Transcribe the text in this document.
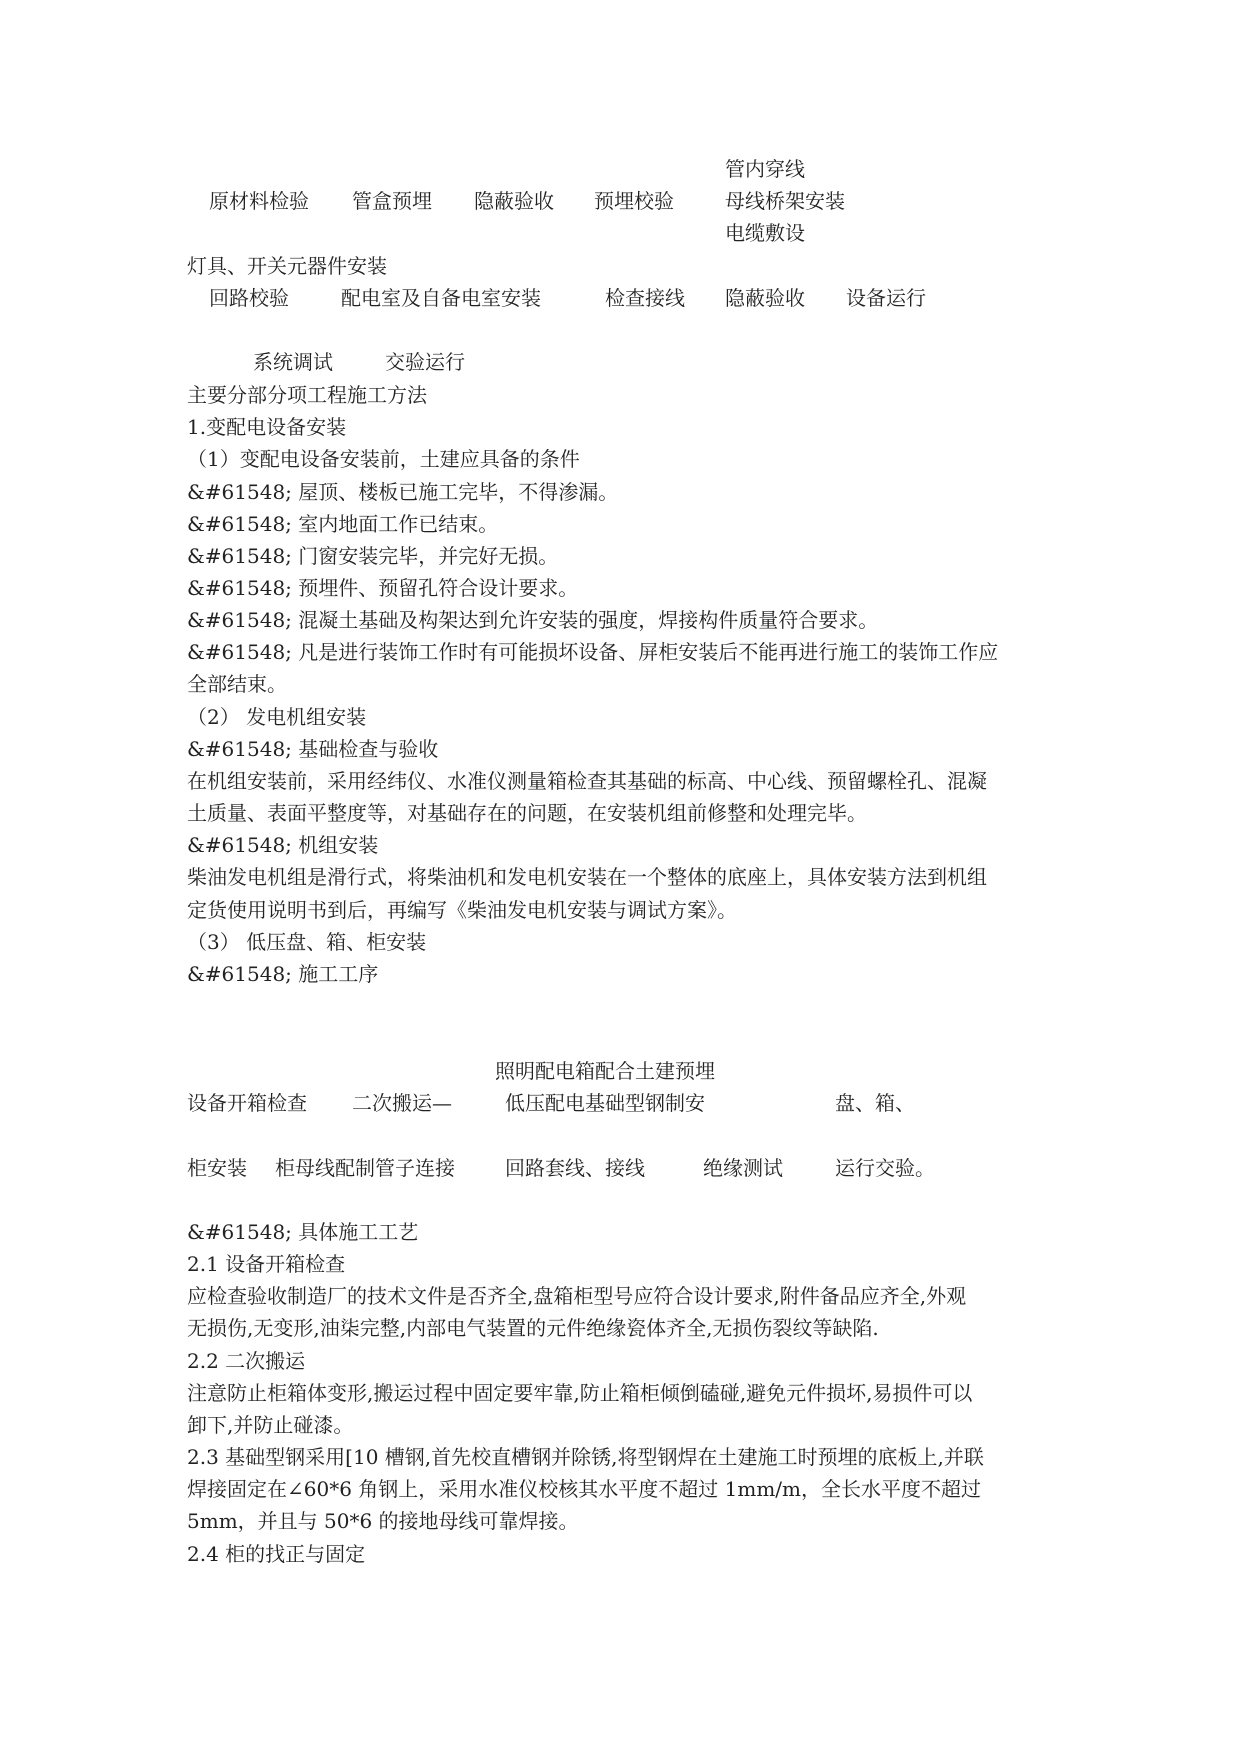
原材料检验 管盒预埋 隐蔽验收 预埋校验
管内穿线
母线桥架安装
电缆敷设
灯具、开关元器件安装
回路校验	配电室及自备电室安装	检查接线 隐蔽验收 设备运行
系统调试	交验运行
主要分部分项工程施工方法
1.变配电设备安装
（1）变配电设备安装前，土建应具备的条件
&#61548; 屋顶、楼板已施工完毕，不得渗漏。
&#61548; 室内地面工作已结束。
&#61548; 门窗安装完毕，并完好无损。
&#61548; 预埋件、预留孔符合设计要求。
&#61548; 混凝土基础及构架达到允许安装的强度，焊接构件质量符合要求。
&#61548; 凡是进行装饰工作时有可能损坏设备、屏柜安装后不能再进行施工的装饰工作应
全部结束。
（2） 发电机组安装
&#61548; 基础检查与验收
在机组安装前，采用经纬仪、水准仪测量箱检查其基础的标高、中心线、预留螺栓孔、混凝
土质量、表面平整度等，对基础存在的问题，在安装机组前修整和处理完毕。
&#61548; 机组安装
柴油发电机组是滑行式，将柴油机和发电机安装在一个整体的底座上，具体安装方法到机组
定货使用说明书到后，再编写《柴油发电机安装与调试方案》。
（3） 低压盘、箱、柜安装
&#61548; 施工工序
照明配电箱配合土建预埋
设备开箱检查 二次搬运—	低压配电基础型钢制安	盘、箱、
柜安装 柜母线配制管子连接	回路套线、接线	绝缘测试	运行交验。
&#61548; 具体施工工艺
2.1 设备开箱检查
应检查验收制造厂的技术文件是否齐全,盘箱柜型号应符合设计要求,附件备品应齐全,外观
无损伤,无变形,油柒完整,内部电气装置的元件绝缘瓷体齐全,无损伤裂纹等缺陷.
2.2 二次搬运
注意防止柜箱体变形,搬运过程中固定要牢靠,防止箱柜倾倒磕碰,避免元件损坏,易损件可以
卸下,并防止碰漆。
2.3 基础型钢采用[10 槽钢,首先校直槽钢并除锈,将型钢焊在土建施工时预埋的底板上,并联
焊接固定在∠60*6 角钢上，采用水准仪校核其水平度不超过 1mm/m，全长水平度不超过
5mm，并且与 50*6 的接地母线可靠焊接。
2.4 柜的找正与固定
